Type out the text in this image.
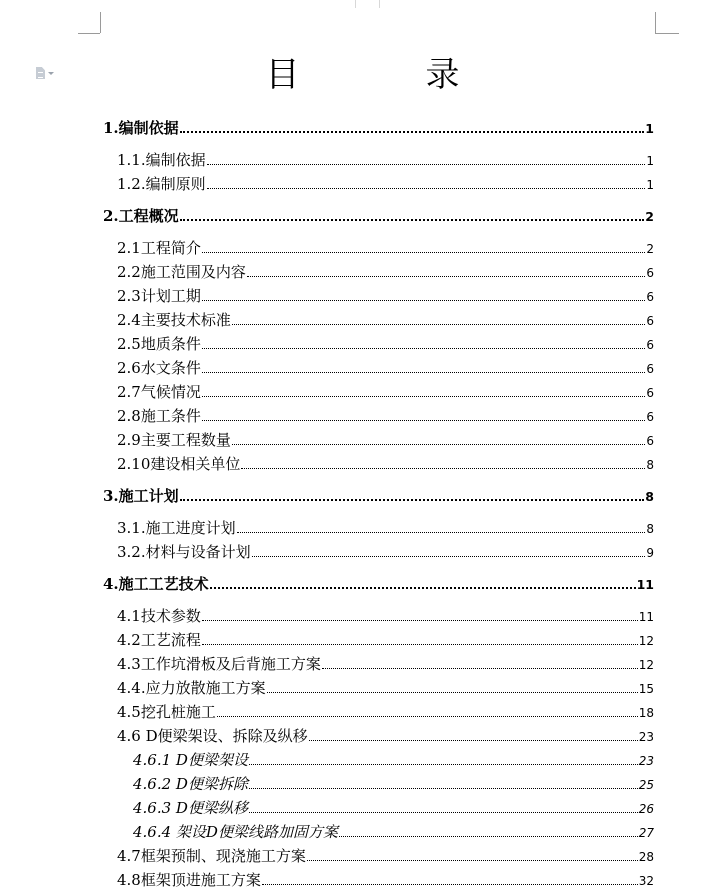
目　录
1.编制依据	1
1.1.编制依据	1
1.2.编制原则	1
2.工程概况	2
2.1工程简介	2
2.2施工范围及内容	6
2.3计划工期	6
2.4主要技术标准	6
2.5地质条件	6
2.6水文条件	6
2.7气候情况	6
2.8施工条件	6
2.9主要工程数量	6
2.10建设相关单位	8
3.施工计划	8
3.1.施工进度计划	8
3.2.材料与设备计划	9
4.施工工艺技术	11
4.1技术参数	11
4.2工艺流程	12
4.3工作坑滑板及后背施工方案	12
4.4.应力放散施工方案	15
4.5挖孔桩施工	18
4.6 D便梁架设、拆除及纵移	23
4.6.1 D便梁架设	23
4.6.2 D便梁拆除	25
4.6.3 D便梁纵移	26
4.6.4 架设D便梁线路加固方案	27
4.7框架预制、现浇施工方案	28
4.8框架顶进施工方案	32
